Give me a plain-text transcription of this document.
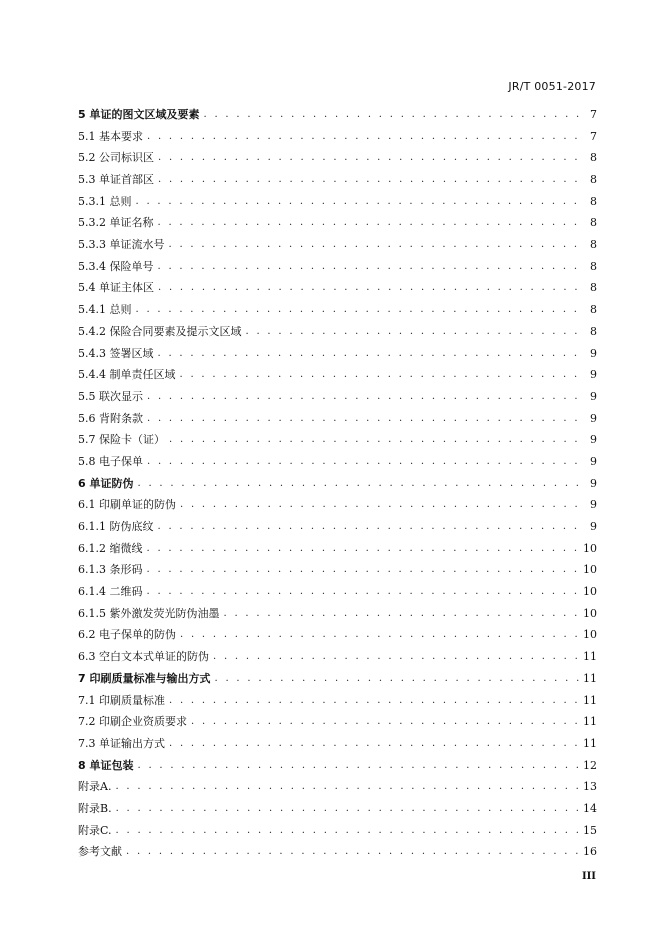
JR/T 0051-2017
5 单证的图文区域及要素 . . .	7
5.1 基本要求 . . .	7
5.2 公司标识区 . . .	8
5.3 单证首部区 . . .	8
5.3.1 总则 . . .	8
5.3.2 单证名称 . . .	8
5.3.3 单证流水号 . . .	8
5.3.4 保险单号 . . .	8
5.4 单证主体区 . . .	8
5.4.1 总则 . . .	8
5.4.2 保险合同要素及提示文区域 . . .	8
5.4.3 签署区域 . . .	9
5.4.4 制单责任区域 . . .	9
5.5 联次显示 . . .	9
5.6 背附条款 . . .	9
5.7 保险卡（证） . . .	9
5.8 电子保单 . . .	9
6 单证防伪 . . .	9
6.1 印刷单证的防伪 . . .	9
6.1.1 防伪底纹 . . .	9
6.1.2 缩微线 . . .	10
6.1.3 条形码 . . .	10
6.1.4 二维码 . . .	10
6.1.5 紫外激发荧光防伪油墨 . . .	10
6.2 电子保单的防伪 . . .	10
6.3 空白文本式单证的防伪 . . .	11
7 印刷质量标准与输出方式 . . .	11
7.1 印刷质量标准 . . .	11
7.2 印刷企业资质要求 . . .	11
7.3 单证输出方式 . . .	11
8 单证包装 . . .	12
附录A. . . .	13
附录B. . . .	14
附录C. . . .	15
参考文献 . . .	16
III
